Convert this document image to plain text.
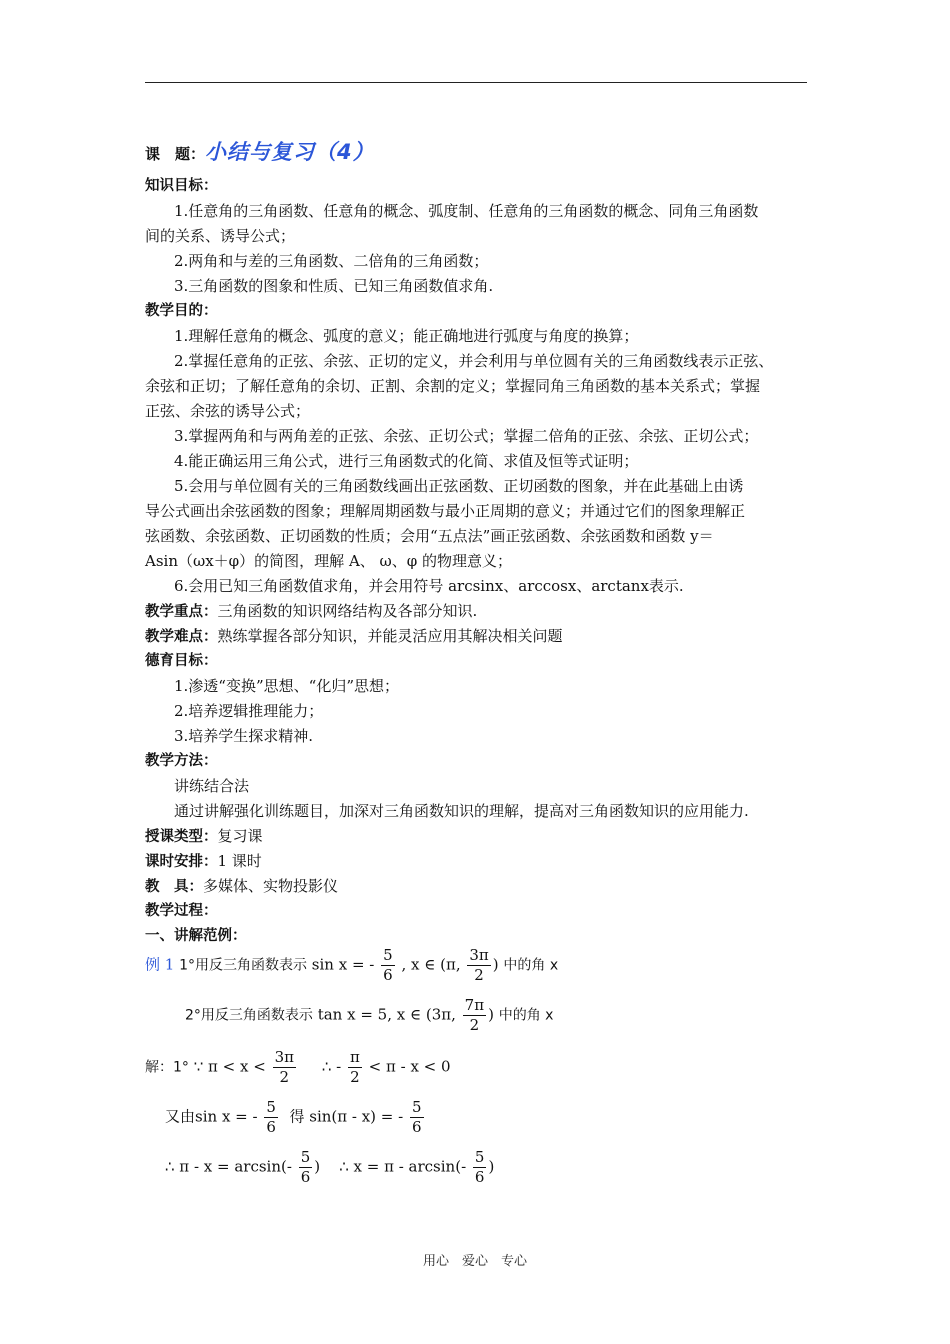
课　题：小结与复习（4）
知识目标：
1.任意角的三角函数、任意角的概念、弧度制、任意角的三角函数的概念、同角三角函数
间的关系、诱导公式；
2.两角和与差的三角函数、二倍角的三角函数；
3.三角函数的图象和性质、已知三角函数值求角.
教学目的：
1.理解任意角的概念、弧度的意义；能正确地进行弧度与角度的换算；
2.掌握任意角的正弦、余弦、正切的定义，并会利用与单位圆有关的三角函数线表示正弦、
余弦和正切；了解任意角的余切、正割、余割的定义；掌握同角三角函数的基本关系式；掌握
正弦、余弦的诱导公式；
3.掌握两角和与两角差的正弦、余弦、正切公式；掌握二倍角的正弦、余弦、正切公式；
4.能正确运用三角公式，进行三角函数式的化简、求值及恒等式证明；
5.会用与单位圆有关的三角函数线画出正弦函数、正切函数的图象，并在此基础上由诱
导公式画出余弦函数的图象；理解周期函数与最小正周期的意义；并通过它们的图象理解正
弦函数、余弦函数、正切函数的性质；会用“五点法”画正弦函数、余弦函数和函数 y＝
Asin（ωx＋φ）的简图，理解 A、 ω、φ 的物理意义；
6.会用已知三角函数值求角，并会用符号 arcsinx、arccosx、arctanx表示.
教学重点：三角函数的知识网络结构及各部分知识.
教学难点：熟练掌握各部分知识，并能灵活应用其解决相关问题
德育目标：
1.渗透“变换”思想、“化归”思想；
2.培养逻辑推理能力；
3.培养学生探求精神.
教学方法：
讲练结合法
通过讲解强化训练题目，加深对三角函数知识的理解，提高对三角函数知识的应用能力.
授课类型：复习课
课时安排：1 课时
教　具：多媒体、实物投影仪
教学过程：
一、讲解范例：
例 1 1°用反三角函数表示 sin x = - $\frac{5}{6}$ , x ∈ (π, $\frac{3\pi}{2}$ ) 中的角 x
2°用反三角函数表示 tan x = 5, x ∈ (3π, $\frac{7\pi}{2}$ ) 中的角 x
解：1° ∵ $\pi < x < \frac{3\pi}{2}$ ∴ - $\frac{\pi}{2} < \pi - x < 0$
又由sin x = - $\frac{5}{6}$ 得 sin(π - x) = - $\frac{5}{6}$
∴ $\pi - x = \arcsin(- \frac{5}{6}$ ) ∴ $x = \pi - \arcsin(- \frac{5}{6}$ )
用心　爱心　专心
